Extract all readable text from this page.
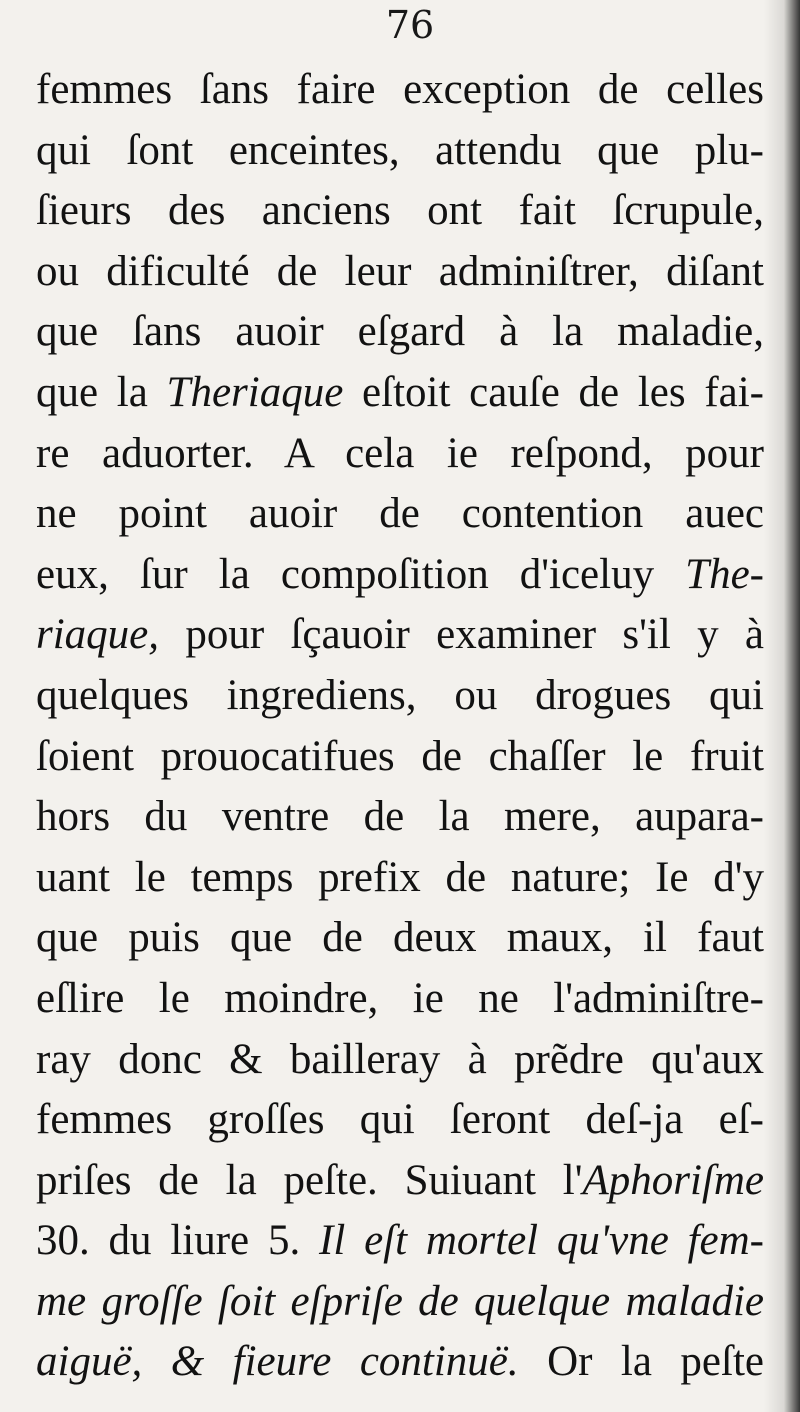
76
femmes ſans faire exception de celles
qui ſont enceintes, attendu que plu-
ſieurs des anciens ont fait ſcrupule,
ou dificulté de leur adminiſtrer, diſant
que ſans auoir eſgard à la maladie,
que la Theriaque eſtoit cauſe de les fai-
re aduorter. A cela ie reſpond, pour
ne point auoir de contention auec
eux, ſur la compoſition d'iceluy The-
riaque, pour ſçauoir examiner s'il y à
quelques ingrediens, ou drogues qui
ſoient prouocatifues de chaſſer le fruit
hors du ventre de la mere, aupara-
uant le temps prefix de nature; Ie d'y
que puis que de deux maux, il faut
eſlire le moindre, ie ne l'adminiſtre-
ray donc & bailleray à prẽdre qu'aux
femmes groſſes qui ſeront deſ-ja eſ-
priſes de la peſte. Suiuant l'Aphoriſme
30. du liure 5. Il eſt mortel qu'vne fem-
me groſſe ſoit eſpriſe de quelque maladie
aiguë, & fieure continuë. Or la peſte
